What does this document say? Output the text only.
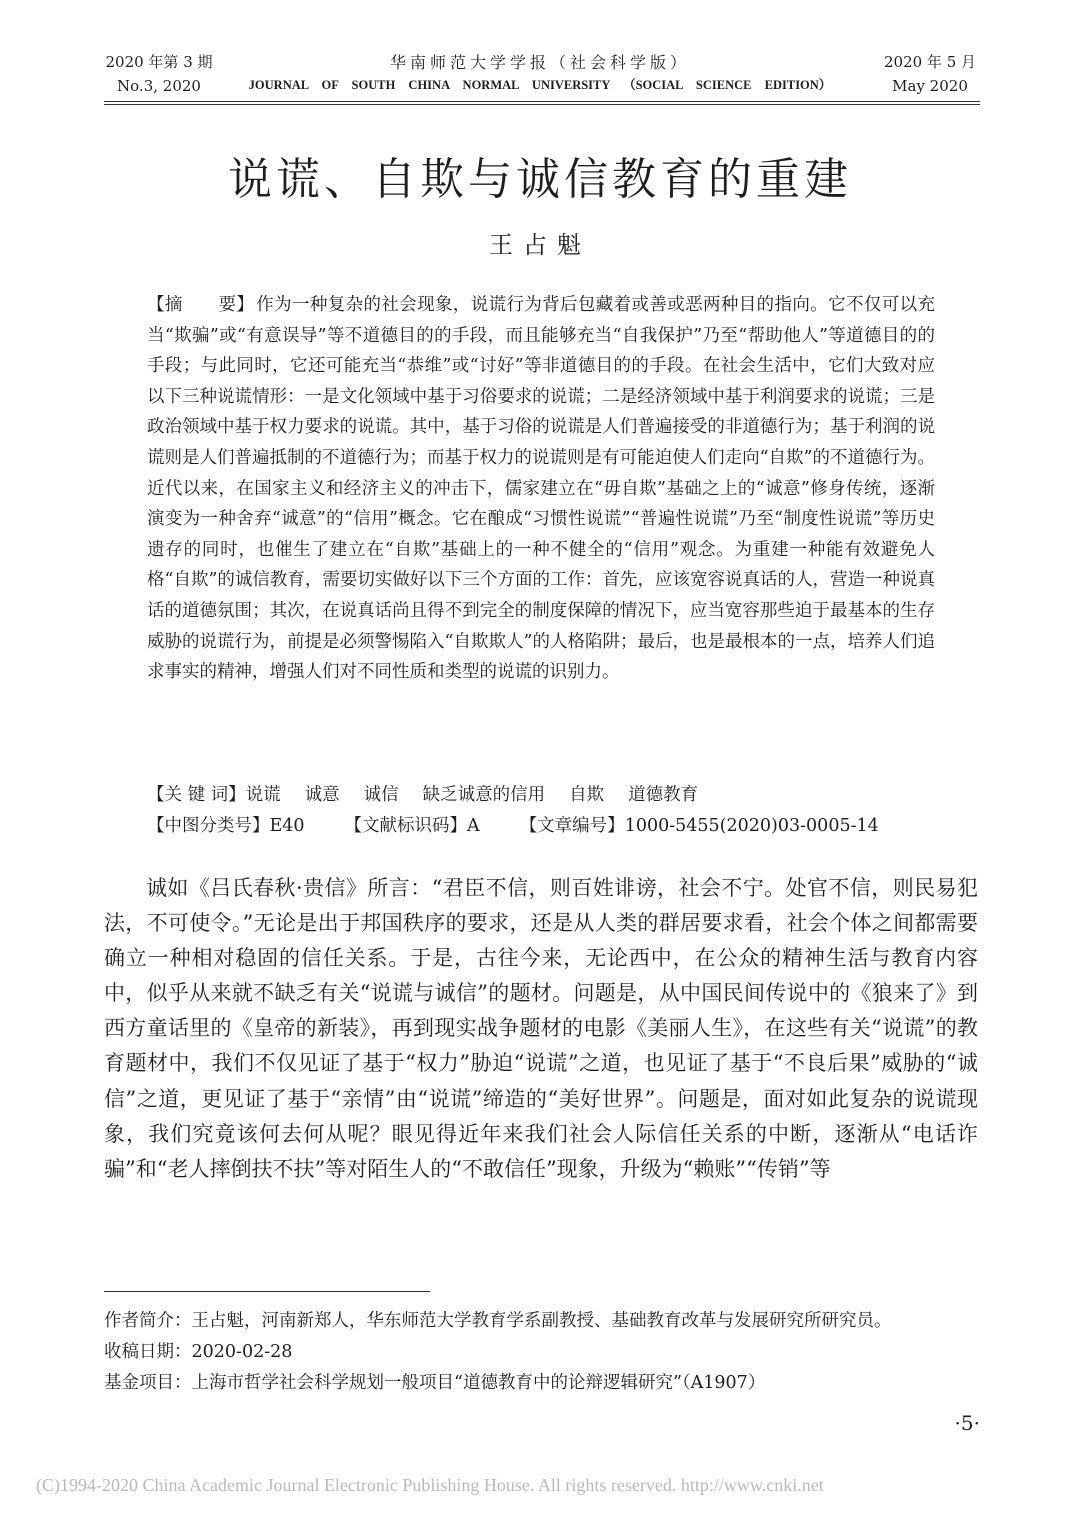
2020 年第 3 期
No.3, 2020
华南师范大学学报（社会科学版）
JOURNAL OF SOUTH CHINA NORMAL UNIVERSITY （SOCIAL SCIENCE EDITION）
2020 年 5 月
May 2020
说谎、自欺与诚信教育的重建
王占魁
【摘　　要】 作为一种复杂的社会现象，说谎行为背后包藏着或善或恶两种目的指向。它不仅可以充当“欺骗”或“有意误导”等不道德目的的手段，而且能够充当“自我保护”乃至“帮助他人”等道德目的的手段；与此同时，它还可能充当“恭维”或“讨好”等非道德目的的手段。在社会生活中，它们大致对应以下三种说谎情形：一是文化领域中基于习俗要求的说谎；二是经济领域中基于利润要求的说谎；三是政治领域中基于权力要求的说谎。其中，基于习俗的说谎是人们普遍接受的非道德行为；基于利润的说谎则是人们普遍抵制的不道德行为；而基于权力的说谎则是有可能迫使人们走向“自欺”的不道德行为。近代以来，在国家主义和经济主义的冲击下，儒家建立在“毋自欺”基础之上的“诚意”修身传统，逐渐演变为一种舍弃“诚意”的“信用”概念。它在酿成“习惯性说谎”“普遍性说谎”乃至“制度性说谎”等历史遗存的同时，也催生了建立在“自欺”基础上的一种不健全的“信用”观念。为重建一种能有效避免人格“自欺”的诚信教育，需要切实做好以下三个方面的工作：首先，应该宽容说真话的人，营造一种说真话的道德氛围；其次，在说真话尚且得不到完全的制度保障的情况下，应当宽容那些迫于最基本的生存威胁的说谎行为，前提是必须警惕陷入“自欺欺人”的人格陷阱；最后，也是最根本的一点，培养人们追求事实的精神，增强人们对不同性质和类型的说谎的识别力。
【关 键 词】说谎 诚意 诚信 缺乏诚意的信用 自欺 道德教育
【中图分类号】E40 【文献标识码】A 【文章编号】1000-5455(2020)03-0005-14
诚如《吕氏春秋·贵信》所言：“君臣不信，则百姓诽谤，社会不宁。处官不信，则民易犯法，不可使令。”无论是出于邦国秩序的要求，还是从人类的群居要求看，社会个体之间都需要确立一种相对稳固的信任关系。于是，古往今来，无论西中，在公众的精神生活与教育内容中，似乎从来就不缺乏有关“说谎与诚信”的题材。问题是，从中国民间传说中的《狼来了》到西方童话里的《皇帝的新装》，再到现实战争题材的电影《美丽人生》，在这些有关“说谎”的教育题材中，我们不仅见证了基于“权力”胁迫“说谎”之道，也见证了基于“不良后果”威胁的“诚信”之道，更见证了基于“亲情”由“说谎”缔造的“美好世界”。问题是，面对如此复杂的说谎现象，我们究竟该何去何从呢？眼见得近年来我们社会人际信任关系的中断，逐渐从“电话诈骗”和“老人摔倒扶不扶”等对陌生人的“不敢信任”现象，升级为“赖账”“传销”等
作者简介：王占魁，河南新郑人，华东师范大学教育学系副教授、基础教育改革与发展研究所研究员。
收稿日期：2020-02-28
基金项目：上海市哲学社会科学规划一般项目“道德教育中的论辩逻辑研究”（A1907）
·5·
(C)1994-2020 China Academic Journal Electronic Publishing House. All rights reserved. http://www.cnki.net
